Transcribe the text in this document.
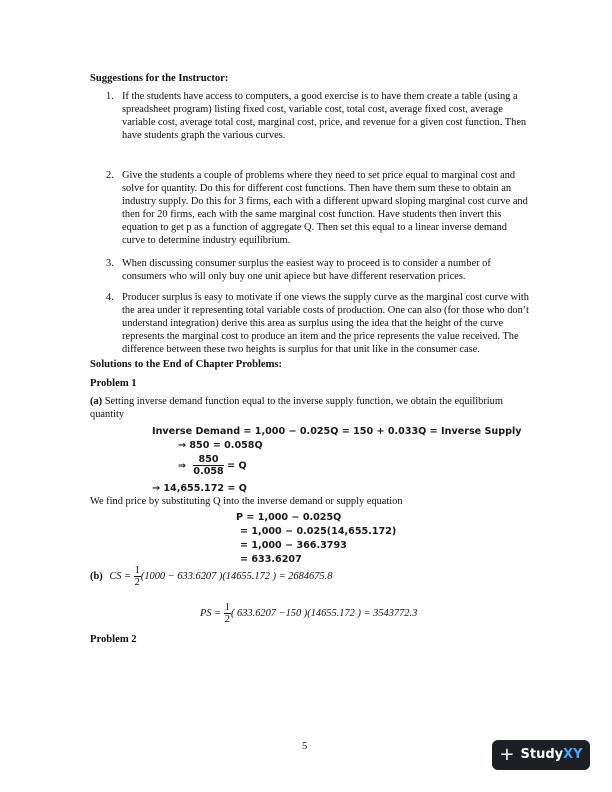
Suggestions for the Instructor:
1. If the students have access to computers, a good exercise is to have them create a table (using a spreadsheet program) listing fixed cost, variable cost, total cost, average fixed cost, average variable cost, average total cost, marginal cost, price, and revenue for a given cost function. Then have students graph the various curves.
2. Give the students a couple of problems where they need to set price equal to marginal cost and solve for quantity. Do this for different cost functions. Then have them sum these to obtain an industry supply. Do this for 3 firms, each with a different upward sloping marginal cost curve and then for 20 firms, each with the same marginal cost function. Have students then invert this equation to get p as a function of aggregate Q. Then set this equal to a linear inverse demand curve to determine industry equilibrium.
3. When discussing consumer surplus the easiest way to proceed is to consider a number of consumers who will only buy one unit apiece but have different reservation prices.
4. Producer surplus is easy to motivate if one views the supply curve as the marginal cost curve with the area under it representing total variable costs of production. One can also (for those who don’t understand integration) derive this area as surplus using the idea that the height of the curve represents the marginal cost to produce an item and the price represents the value received. The difference between these two heights is surplus for that unit like in the consumer case.
Solutions to the End of Chapter Problems:
Problem 1
(a) Setting inverse demand function equal to the inverse supply function, we obtain the equilibrium quantity
Inverse Demand = 1,000 − 0.025Q = 150 + 0.033Q = Inverse Supply
→ 850 = 0.058Q
⇒ $\frac{850}{0.058} = Q$
→ 14,655.172 = Q
We find price by substituting Q into the inverse demand or supply equation
P = 1,000 − 0.025Q
= 1,000 − 0.025(14,655.172)
= 1,000 − 366.3793
= 633.6207
(b) CS = $\frac{1}{2} (1000 - 633.6207$ )(14655.172 ) = 2684675.8
PS = $\frac{1}{2}$ ( 633.6207 −150 )(14655.172 ) = 3543772.3
Problem 2
5	+ StudyXY
